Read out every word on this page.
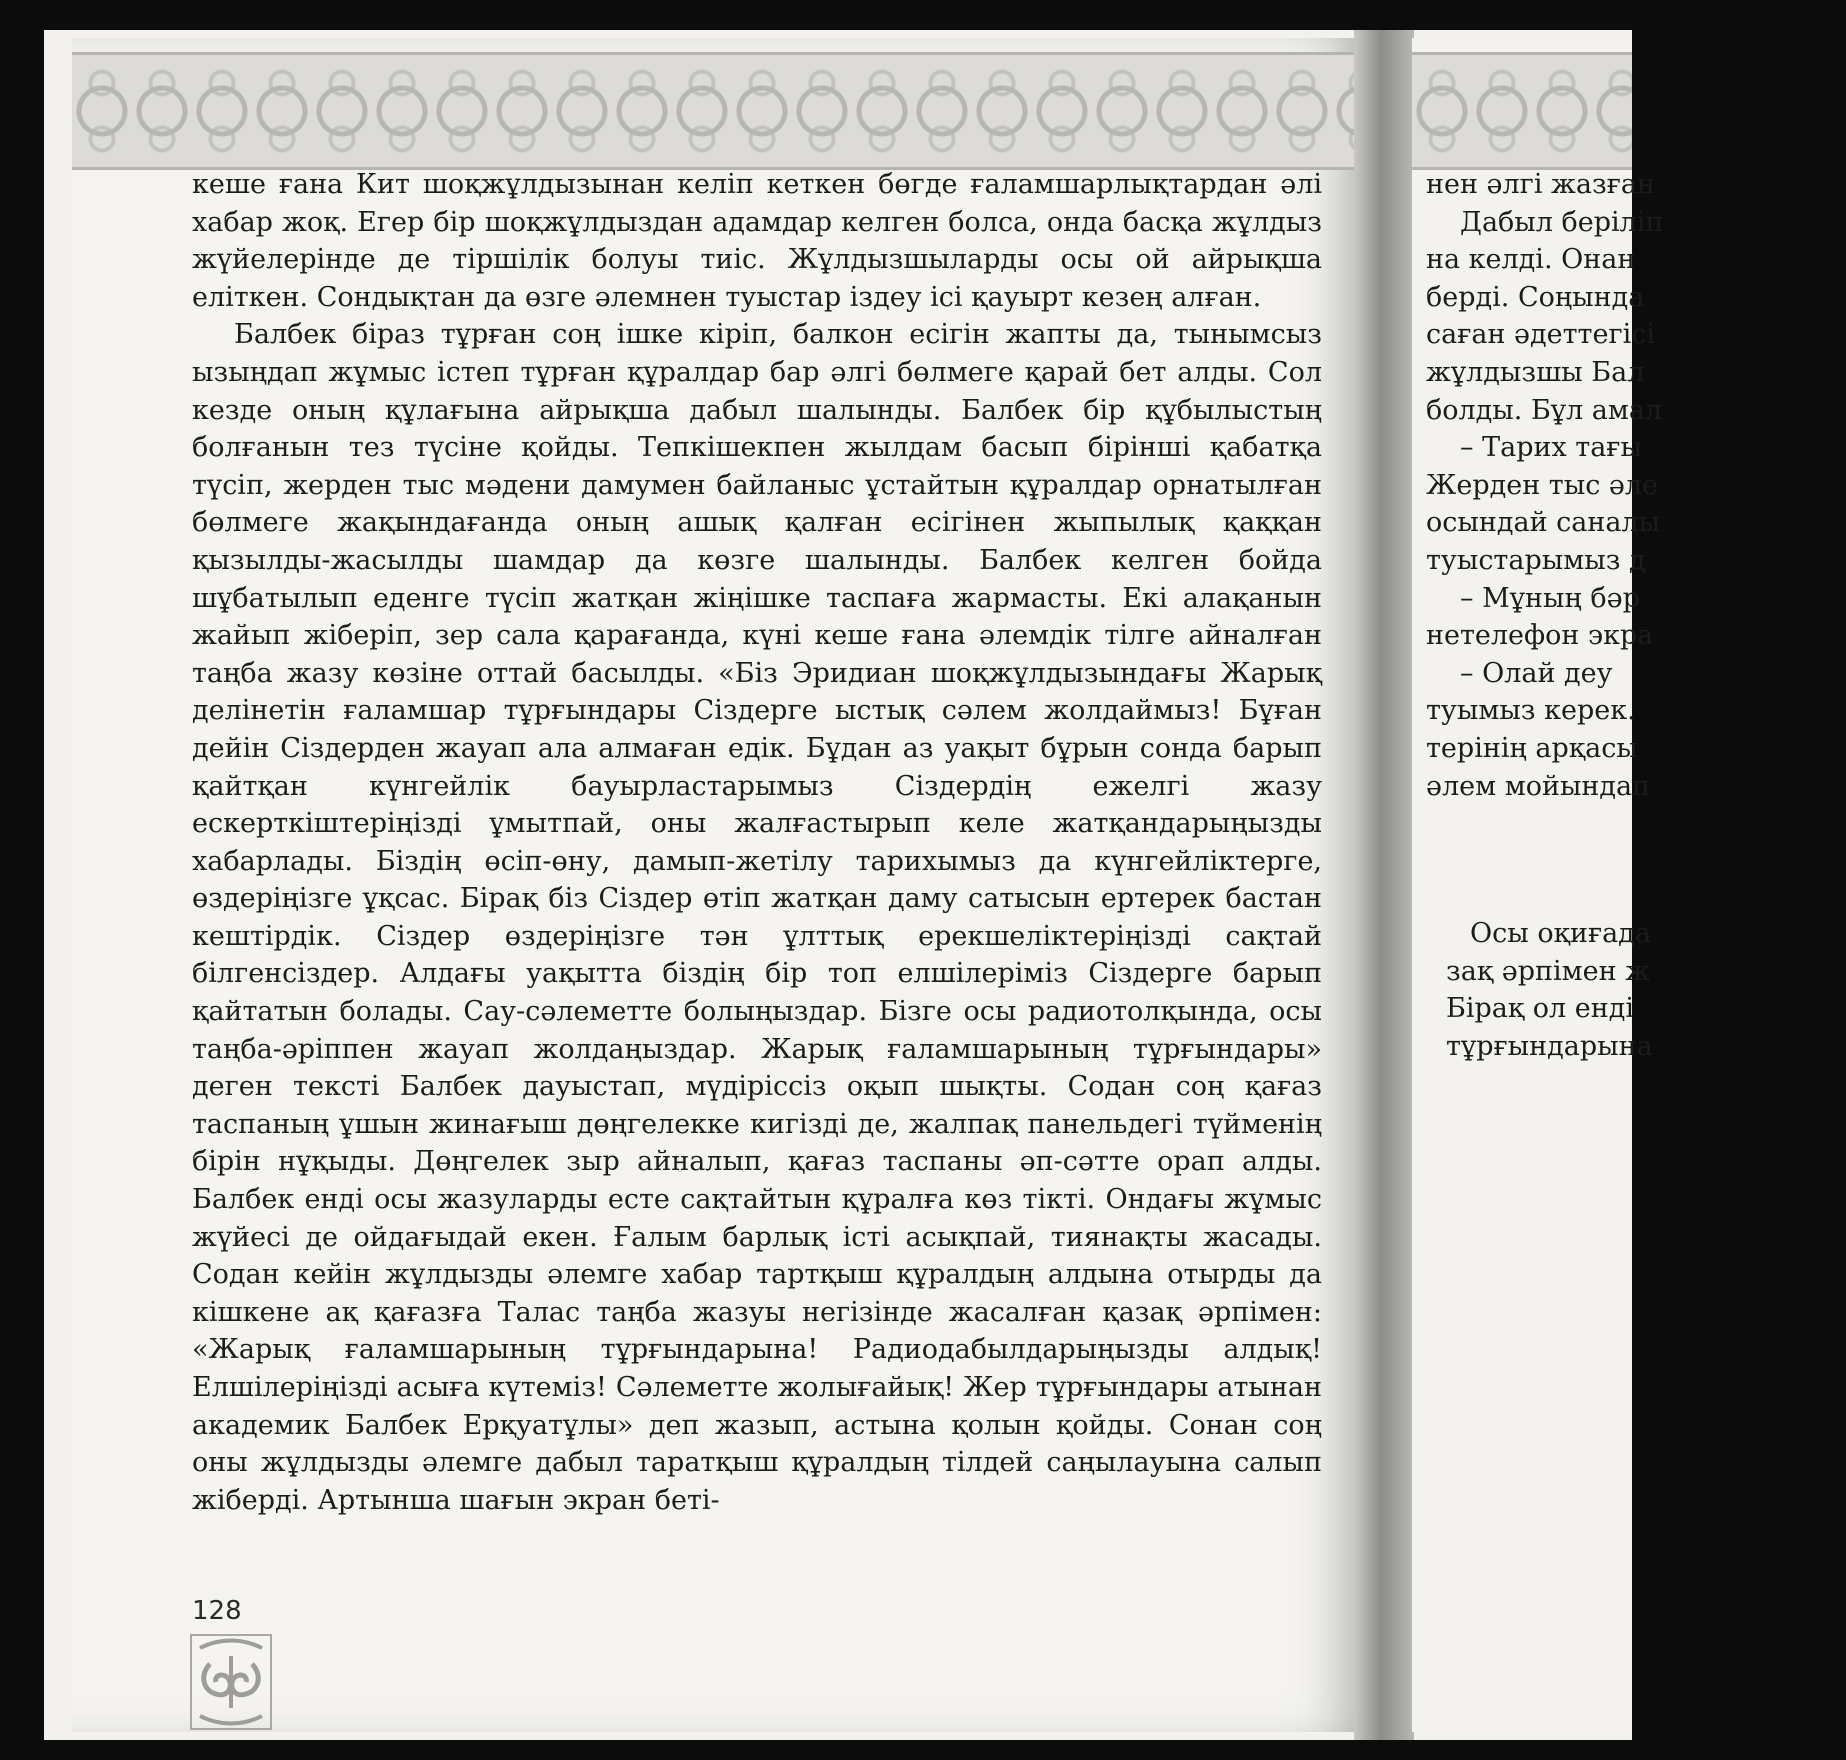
кеше ғана Кит шоқжұлдызынан келіп кеткен бөгде ғаламшарлықтардан әлі хабар жоқ. Егер бір шоқжұлдыздан адамдар келген болса, онда басқа жұлдыз жүйелерінде де тіршілік болуы тиіс. Жұлдызшыларды осы ой айрықша еліткен. Сондықтан да өзге әлемнен туыстар іздеу ісі қауырт кезең алған.

Балбек біраз тұрған соң ішке кіріп, балкон есігін жапты да, тынымсыз ызыңдап жұмыс істеп тұрған құралдар бар әлгі бөлмеге қарай бет алды. Сол кезде оның құлағына айрықша дабыл шалынды. Балбек бір құбылыстың болғанын тез түсіне қойды. Тепкішекпен жылдам басып біріншi қабатқа түсіп, жерден тыс мәдени дамумен байланыс ұстайтын құралдар орнатылған бөлмеге жақындағанда оның ашық қалған есігінен жыпылық қаққан қызылды-жасылды шамдар да көзге шалынды. Балбек келген бойда шұбатылып еденге түсіп жатқан жіңішке таспаға жармасты. Екі алақанын жайып жіберіп, зер сала қарағанда, күні кеше ғана әлемдік тілге айналған таңба жазу көзіне оттай басылды. «Біз Эридиан шоқжұлдызындағы Жарық делінетін ғаламшар тұрғындары Сіздерге ыстық сәлем жолдаймыз! Бұған дейін Сіздерден жауап ала алмаған едік. Бұдан аз уақыт бұрын сонда барып қайтқан күнгейлік бауырластарымыз Сіздердің ежелгі жазу ескерткіштеріңізді ұмытпай, оны жалғастырып келе жатқандарыңызды хабарлады. Біздің өсіп-өну, дамып-жетілу тарихымыз да күнгейліктерге, өздеріңізге ұқсас. Бірақ біз Сіздер өтіп жатқан даму сатысын ертерек бастан кештірдік. Сіздер өздеріңізге тән ұлттық ерекшеліктеріңізді сақтай білгенсіздер. Алдағы уақытта біздің бір топ елшілеріміз Сіздерге барып қайтатын болады. Сау-сәлеметте болыңыздар. Бізге осы радиотолқында, осы таңба-әріппен жауап жолдаңыздар. Жарық ғаламшарының тұрғындары» деген текстi Балбек дауыстап, мүдіріссіз оқып шықты. Содан соң қағаз таспаның ұшын жинағыш дөңгелекке кигізді де, жалпақ панельдегі түйменің бірін нұқыды. Дөңгелек зыр айналып, қағаз таспаны әп-сәтте орап алды. Балбек енді осы жазуларды есте сақтайтын құралға көз тікті. Ондағы жұмыс жүйесі де ойдағыдай екен. Ғалым барлық істі асықпай, тиянақты жасады. Содан кейін жұлдызды әлемге хабар тартқыш құралдың алдына отырды да кішкене ақ қағазға Талас таңба жазуы негізінде жасалған қазақ әрпімен: «Жарық ғаламшарының тұрғындарына! Радиодабылдарыңызды алдық! Елшілеріңізді асыға күтеміз! Сәлеметте жолығайық! Жер тұрғындары атынан академик Балбек Ерқуатұлы» деп жазып, астына қолын қойды. Сонан соң оны жұлдызды әлемге дабыл таратқыш құралдың тілдей саңылауына салып жіберді. Артынша шағын экран беті-

128
нен әлгі жазған
Дабыл беріліп
на келді. Онан
берді. Соңында
саған әдеттегісі
жұлдызшы Бал
болды. Бұл амал
– Тарих тағы
Жерден тыс әле
осындай саналы
туыстарымыз д
– Мұның бәр
нетелефон экра
– Олай деу
туымыз керек.
терінің арқасы
әлем мойындап
Осы оқиғада
зақ әрпімен ж
Бірақ ол енді
тұрғындарына
